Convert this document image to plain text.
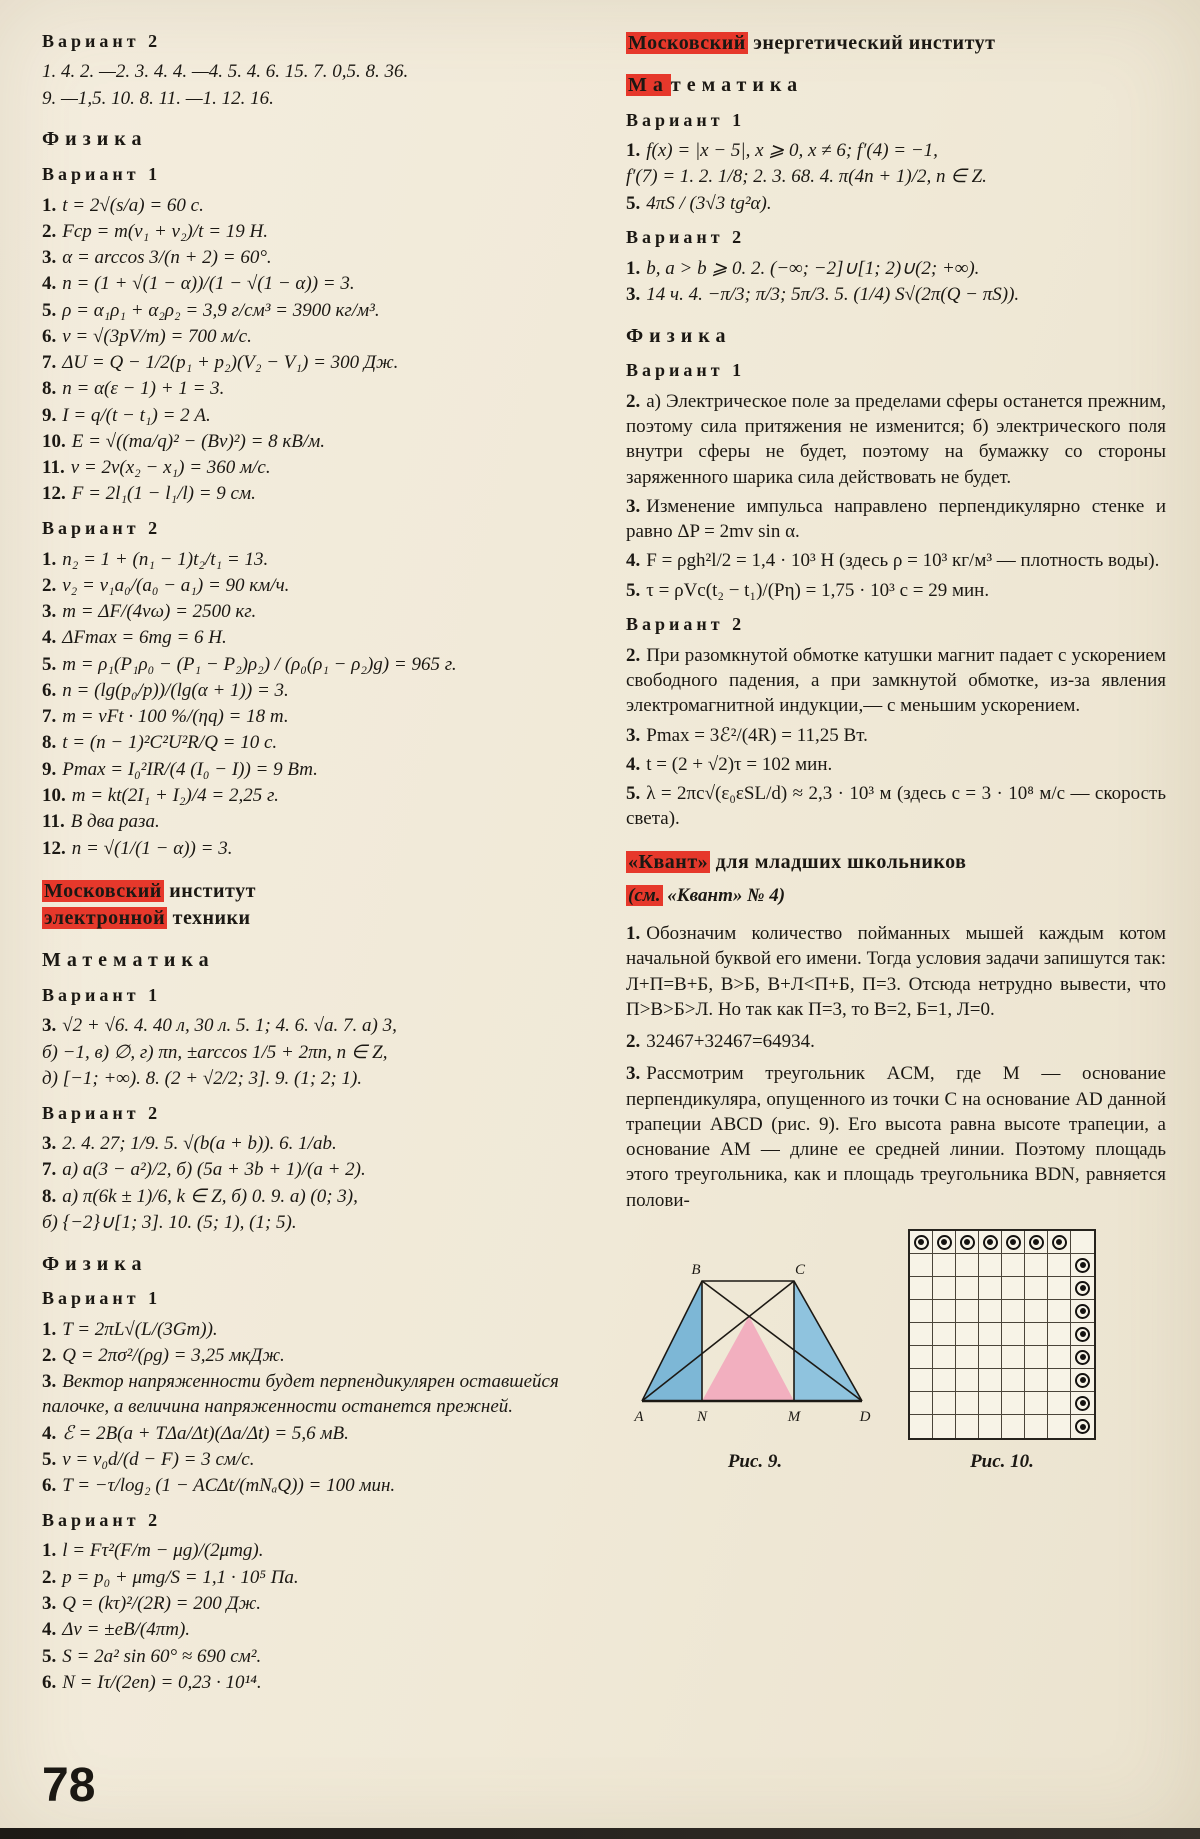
Вариант 2
1. 4. 2. —2. 3. 4. 4. —4. 5. 4. 6. 15. 7. 0,5. 8. 36.
9. —1,5. 10. 8. 11. —1. 12. 16.
Физика
Вариант 1
1. t = 2√(s/a) = 60 с.
2. Fср = m(v₁ + v₂)/t = 19 Н.
3. α = arccos 3/(n + 2) = 60°.
4. n = (1 + √(1 − α))/(1 − √(1 − α)) = 3.
5. ρ = α₁ρ₁ + α₂ρ₂ = 3,9 г/см³ = 3900 кг/м³.
6. v = √(3pV/m) = 700 м/с.
7. ΔU = Q − 1/2(p₁ + p₂)(V₂ − V₁) = 300 Дж.
8. n = α(ε − 1) + 1 = 3.
9. I = q/(t − t₁) = 2 А.
10. E = √((ma/q)² − (Bv)²) = 8 кВ/м.
11. v = 2ν(x₂ − x₁) = 360 м/с.
12. F = 2l₁(1 − l₁/l) = 9 см.
Вариант 2
1. n₂ = 1 + (n₁ − 1)t₂/t₁ = 13.
2. v₂ = v₁a₀/(a₀ − a₁) = 90 км/ч.
3. m = ΔF/(4vω) = 2500 кг.
4. ΔFmax = 6mg = 6 Н.
5. m = ρ₁(P₁ρ₀ − (P₁ − P₂)ρ₂) / (ρ₀(ρ₁ − ρ₂)g) = 965 г.
6. n = (lg(p₀/p))/(lg(α + 1)) = 3.
7. m = vFt · 100 %/(ηq) = 18 т.
8. t = (n − 1)²C²U²R/Q = 10 с.
9. Pmax = I₀²IR/(4 (I₀ − I)) = 9 Вт.
10. m = kt(2I₁ + I₂)/4 = 2,25 г.
11. В два раза.
12. n = √(1/(1 − α)) = 3.
Московский институт
электронной техники
Математика
Вариант 1
3. √2 + √6. 4. 40 л, 30 л. 5. 1; 4. 6. √a. 7. а) 3,
б) −1, в) ∅, г) πn, ±arccos 1/5 + 2πn, n ∈ Z,
д) [−1; +∞). 8. (2 + √2/2; 3]. 9. (1; 2; 1).
Вариант 2
3. 2. 4. 27; 1/9. 5. √(b(a + b)). 6. 1/ab.
7. а) a(3 − a²)/2, б) (5a + 3b + 1)/(a + 2).
8. а) π(6k ± 1)/6, k ∈ Z, б) 0. 9. а) (0; 3),
б) {−2}∪[1; 3]. 10. (5; 1), (1; 5).
Физика
Вариант 1
1. T = 2πL√(L/(3Gm)).
2. Q = 2πσ²/(ρg) = 3,25 мкДж.
3. Вектор напряженности будет перпендикулярен оставшейся палочке, а величина напряженности останется прежней.
4. ℰ = 2B(a + TΔa/Δt)(Δa/Δt) = 5,6 мВ.
5. v = v₀d/(d − F) = 3 см/с.
6. T = −τ/log₂ (1 − ACΔt/(mNₐQ)) = 100 мин.
Вариант 2
1. l = Fτ²(F/m − μg)/(2μmg).
2. p = p₀ + μmg/S = 1,1 · 10⁵ Па.
3. Q = (kτ)²/(2R) = 200 Дж.
4. Δν = ±eB/(4πm).
5. S = 2a² sin 60° ≈ 690 см².
6. N = Iτ/(2en) = 0,23 · 10¹⁴.
Московский энергетический институт
Ма тематика
Вариант 1
1. f(x) = |x − 5|, x ⩾ 0, x ≠ 6; f′(4) = −1,
f′(7) = 1. 2. 1/8; 2. 3. 68. 4. π(4n + 1)/2, n ∈ Z.
5. 4πS / (3√3 tg²α).
Вариант 2
1. b, a > b ⩾ 0. 2. (−∞; −2]∪[1; 2)∪(2; +∞).
3. 14 ч. 4. −π/3; π/3; 5π/3. 5. (1/4) S√(2π(Q − πS)).
Физика
Вариант 1
2. а) Электрическое поле за пределами сферы останется прежним, поэтому сила притяжения не изменится; б) электрического поля внутри сферы не будет, поэтому на бумажку со стороны заряженного шарика сила действовать не будет.
3. Изменение импульса направлено перпендикулярно стенке и равно ΔP = 2mv sin α.
4. F = ρgh²l/2 = 1,4 · 10³ Н (здесь ρ = 10³ кг/м³ — плотность воды).
5. τ = ρVc(t₂ − t₁)/(Pη) = 1,75 · 10³ с = 29 мин.
Вариант 2
2. При разомкнутой обмотке катушки магнит падает с ускорением свободного падения, а при замкнутой обмотке, из-за явления электромагнитной индукции,— с меньшим ускорением.
3. Pmax = 3ℰ²/(4R) = 11,25 Вт.
4. t = (2 + √2)τ = 102 мин.
5. λ = 2πc√(ε₀εSL/d) ≈ 2,3 · 10³ м (здесь c = 3 · 10⁸ м/с — скорость света).
«Квант» для младших школьников
(см. «Квант» № 4)
1. Обозначим количество пойманных мышей каждым котом начальной буквой его имени. Тогда условия задачи запишутся так: Л+П=В+Б, В>Б, В+Л<П+Б, П=3. Отсюда нетрудно вывести, что П>В>Б>Л. Но так как П=3, то В=2, Б=1, Л=0.
2. 32467+32467=64934.
3. Рассмотрим треугольник ACM, где M — основание перпендикуляра, опущенного из точки C на основание AD данной трапеции ABCD (рис. 9). Его высота равна высоте трапеции, а основание AM — длине ее средней линии. Поэтому площадь этого треугольника, как и площадь треугольника BDN, равняется полови-
B	C
A	N	M	D
Рис. 9.	Рис. 10.
78
